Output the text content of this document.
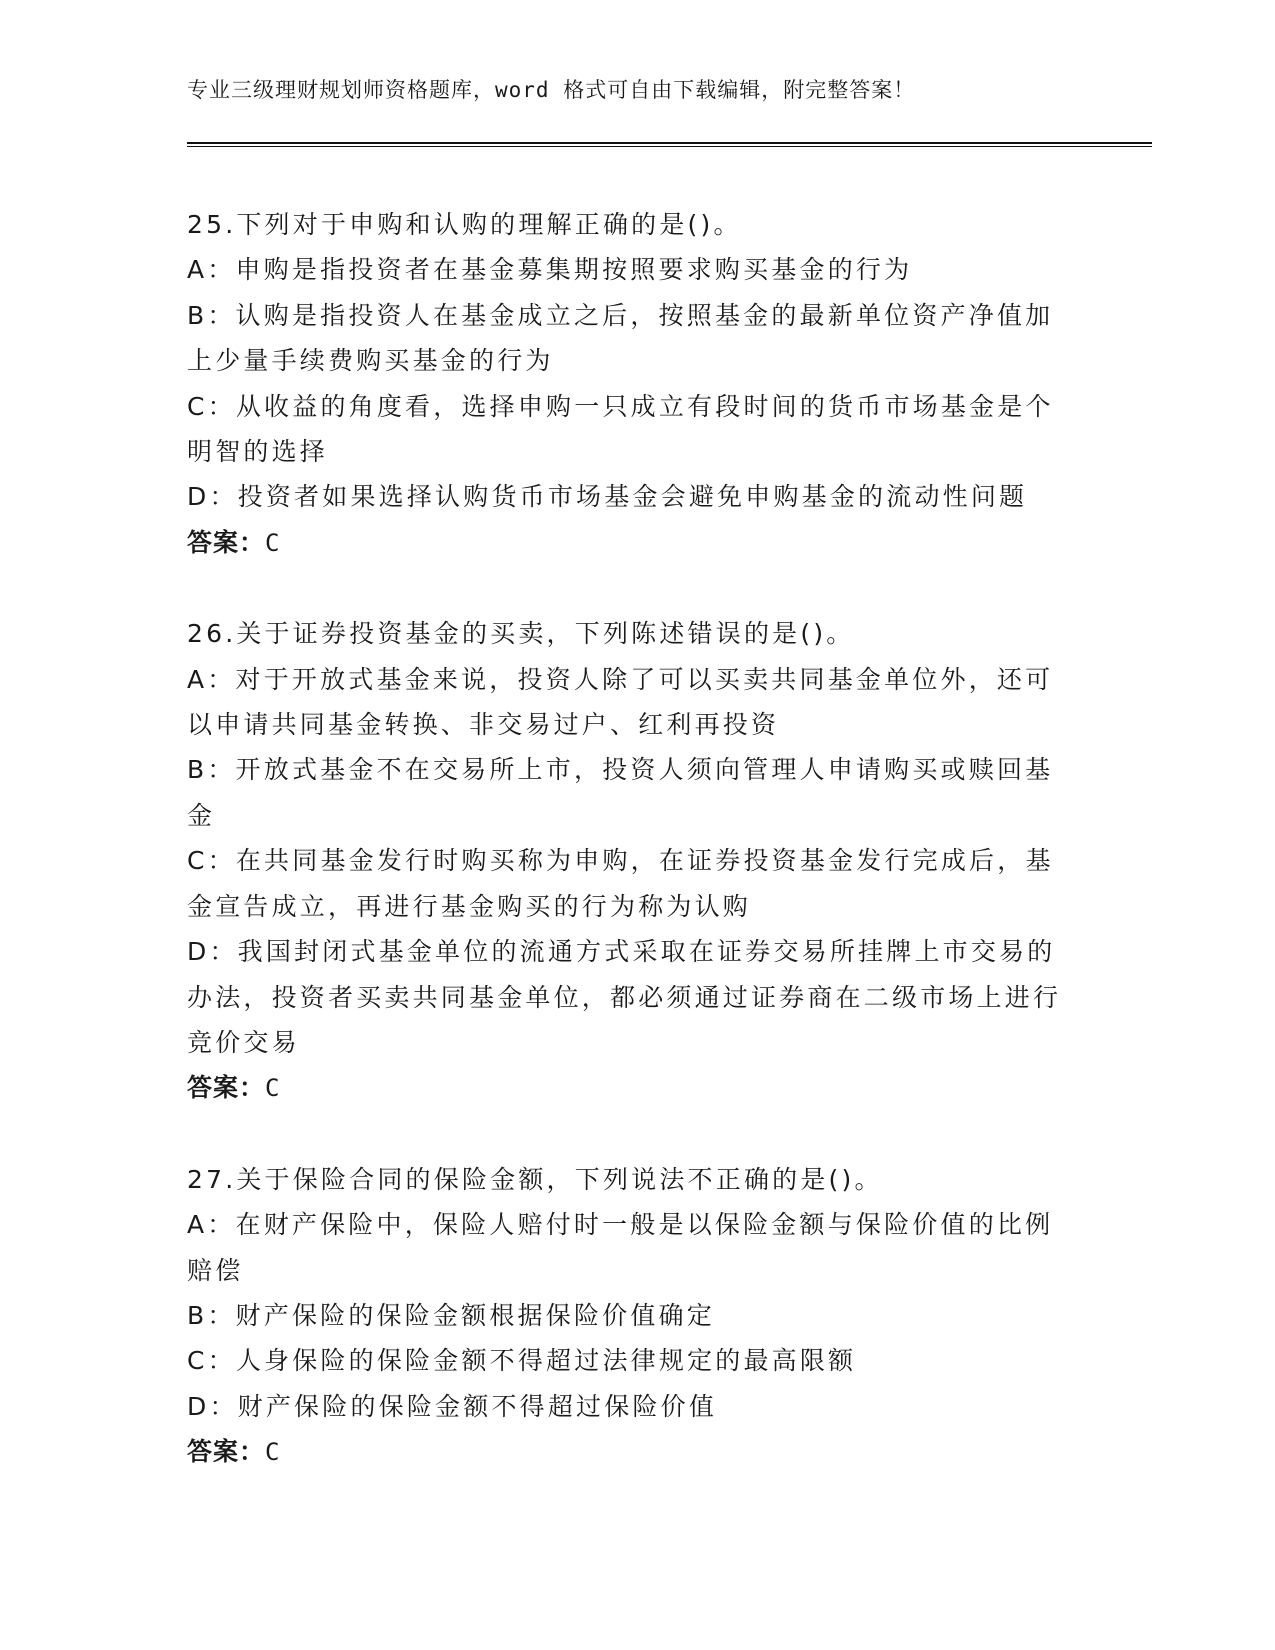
专业三级理财规划师资格题库，word 格式可自由下载编辑，附完整答案！

25.下列对于申购和认购的理解正确的是()。

A：申购是指投资者在基金募集期按照要求购买基金的行为

B：认购是指投资人在基金成立之后，按照基金的最新单位资产净值加上少量手续费购买基金的行为

C：从收益的角度看，选择申购一只成立有段时间的货币市场基金是个明智的选择

D：投资者如果选择认购货币市场基金会避免申购基金的流动性问题

答案：C

26.关于证券投资基金的买卖，下列陈述错误的是()。

A：对于开放式基金来说，投资人除了可以买卖共同基金单位外，还可以申请共同基金转换、非交易过户、红利再投资

B：开放式基金不在交易所上市，投资人须向管理人申请购买或赎回基金

C：在共同基金发行时购买称为申购，在证券投资基金发行完成后，基金宣告成立，再进行基金购买的行为称为认购

D：我国封闭式基金单位的流通方式采取在证券交易所挂牌上市交易的办法，投资者买卖共同基金单位，都必须通过证券商在二级市场上进行竞价交易

答案：C

27.关于保险合同的保险金额，下列说法不正确的是()。

A：在财产保险中，保险人赔付时一般是以保险金额与保险价值的比例赔偿

B：财产保险的保险金额根据保险价值确定

C：人身保险的保险金额不得超过法律规定的最高限额

D：财产保险的保险金额不得超过保险价值

答案：C
